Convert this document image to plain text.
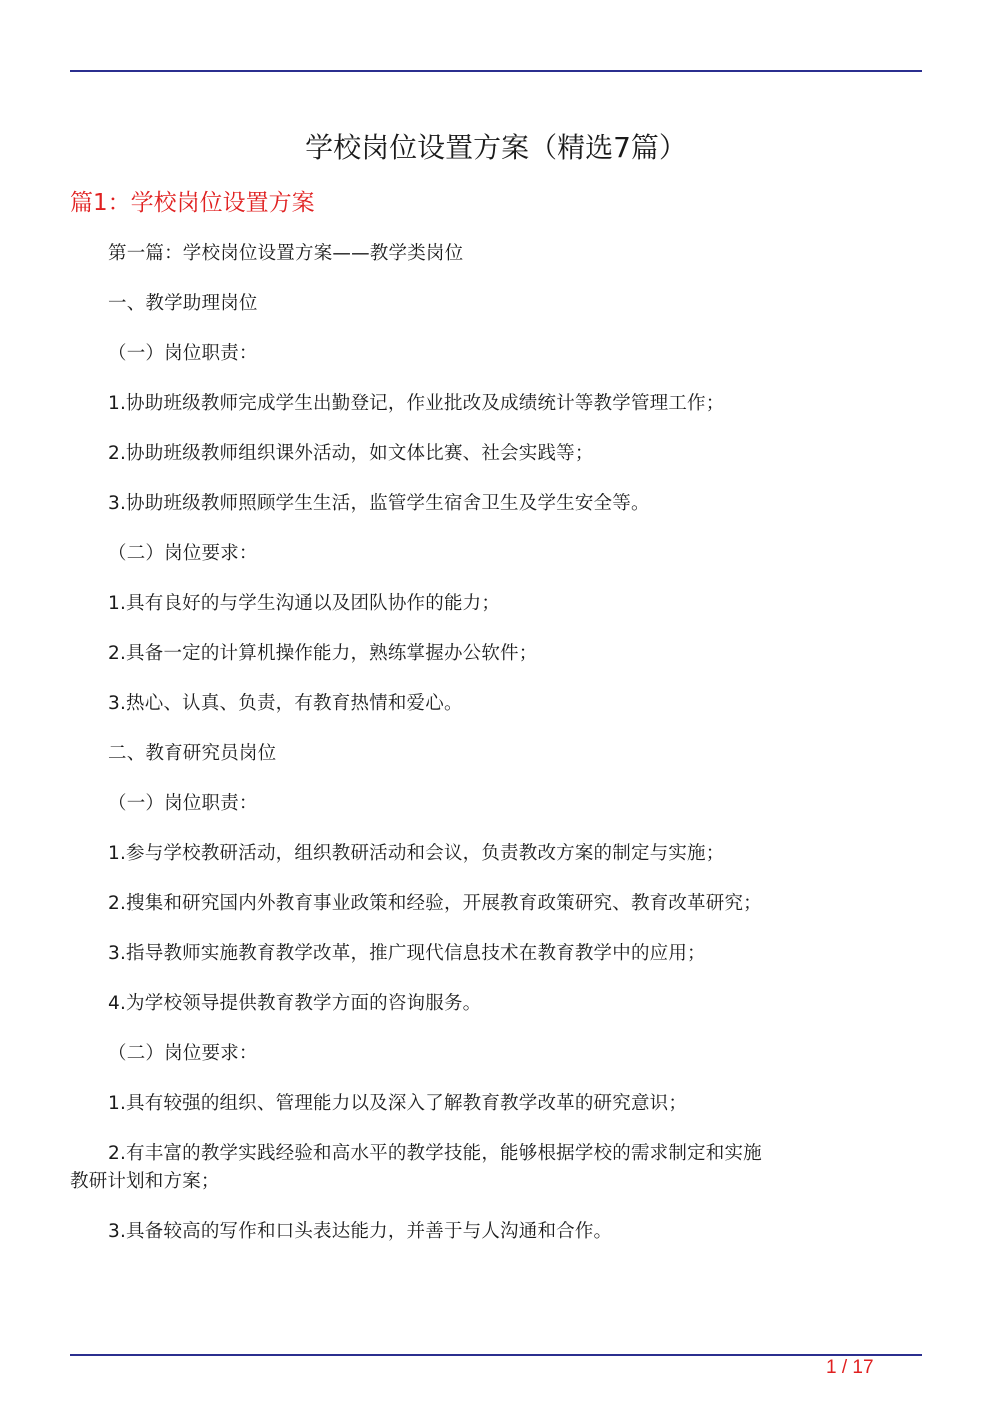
学校岗位设置方案（精选7篇）
篇1：学校岗位设置方案

第一篇：学校岗位设置方案——教学类岗位

一、教学助理岗位

（一）岗位职责：

1.协助班级教师完成学生出勤登记，作业批改及成绩统计等教学管理工作；

2.协助班级教师组织课外活动，如文体比赛、社会实践等；

3.协助班级教师照顾学生生活，监管学生宿舍卫生及学生安全等。

（二）岗位要求：

1.具有良好的与学生沟通以及团队协作的能力；

2.具备一定的计算机操作能力，熟练掌握办公软件；

3.热心、认真、负责，有教育热情和爱心。

二、教育研究员岗位

（一）岗位职责：

1.参与学校教研活动，组织教研活动和会议，负责教改方案的制定与实施；

2.搜集和研究国内外教育事业政策和经验，开展教育政策研究、教育改革研究；

3.指导教师实施教育教学改革，推广现代信息技术在教育教学中的应用；

4.为学校领导提供教育教学方面的咨询服务。

（二）岗位要求：

1.具有较强的组织、管理能力以及深入了解教育教学改革的研究意识；

2.有丰富的教学实践经验和高水平的教学技能，能够根据学校的需求制定和实施教研计划和方案；

3.具备较高的写作和口头表达能力，并善于与人沟通和合作。

1 / 17
